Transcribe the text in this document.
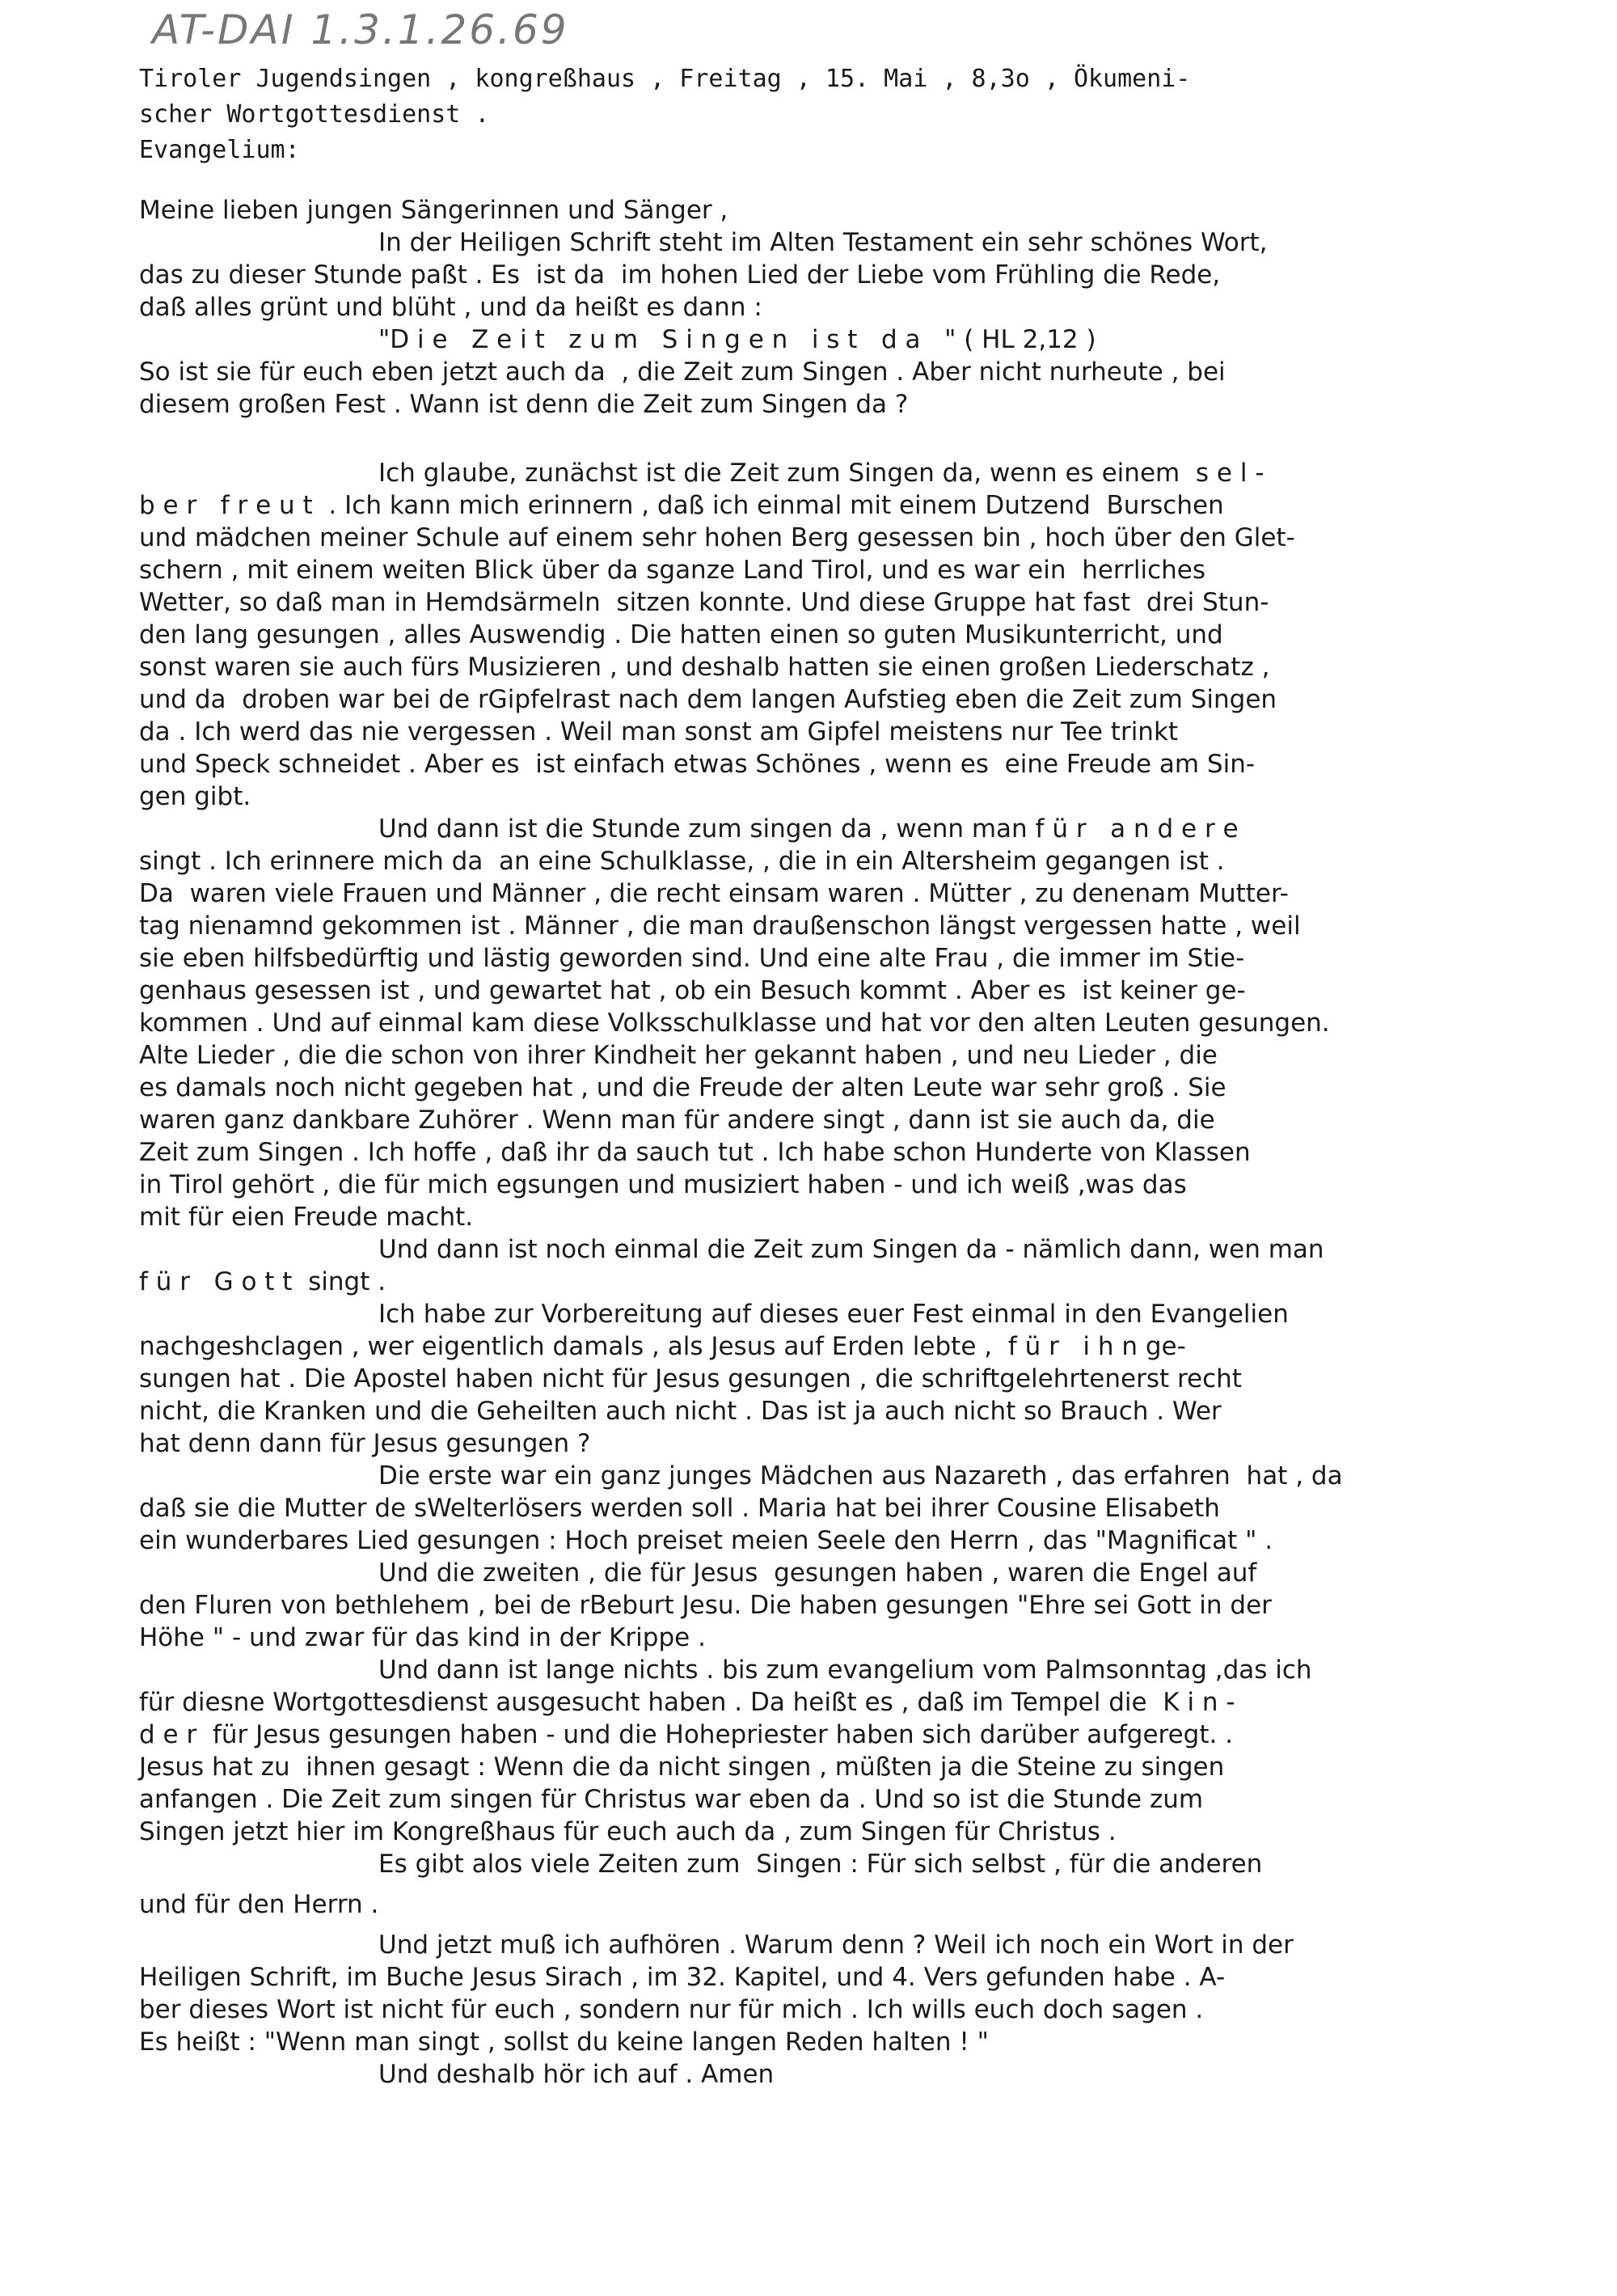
AT-DAI 1.3.1.26.69
Tiroler Jugendsingen , kongreßhaus , Freitag , 15. Mai , 8,3o , Ökumeni-
scher Wortgottesdienst .
Evangelium:
Meine lieben jungen Sängerinnen und Sänger ,
In der Heiligen Schrift steht im Alten Testament ein sehr schönes Wort,
das zu dieser Stunde paßt . Es  ist da  im hohen Lied der Liebe vom Frühling die Rede,
daß alles grünt und blüht , und da heißt es dann :
"D i e   Z e i t   z u m   S i n g e n   i s t   d a   " ( HL 2,12 )
So ist sie für euch eben jetzt auch da  , die Zeit zum Singen . Aber nicht nurheute , bei
diesem großen Fest . Wann ist denn die Zeit zum Singen da ?
Ich glaube, zunächst ist die Zeit zum Singen da, wenn es einem  s e l -
b e r   f r e u t  . Ich kann mich erinnern , daß ich einmal mit einem Dutzend  Burschen
und mädchen meiner Schule auf einem sehr hohen Berg gesessen bin , hoch über den Glet-
schern , mit einem weiten Blick über da sganze Land Tirol, und es war ein  herrliches
Wetter, so daß man in Hemdsärmeln  sitzen konnte. Und diese Gruppe hat fast  drei Stun-
den lang gesungen , alles Auswendig . Die hatten einen so guten Musikunterricht, und
sonst waren sie auch fürs Musizieren , und deshalb hatten sie einen großen Liederschatz ,
und da  droben war bei de rGipfelrast nach dem langen Aufstieg eben die Zeit zum Singen
da . Ich werd das nie vergessen . Weil man sonst am Gipfel meistens nur Tee trinkt
und Speck schneidet . Aber es  ist einfach etwas Schönes , wenn es  eine Freude am Sin-
gen gibt.
Und dann ist die Stunde zum singen da , wenn man f ü r   a n d e r e
singt . Ich erinnere mich da  an eine Schulklasse, , die in ein Altersheim gegangen ist .
Da  waren viele Frauen und Männer , die recht einsam waren . Mütter , zu denenam Mutter-
tag nienamnd gekommen ist . Männer , die man draußenschon längst vergessen hatte , weil
sie eben hilfsbedürftig und lästig geworden sind. Und eine alte Frau , die immer im Stie-
genhaus gesessen ist , und gewartet hat , ob ein Besuch kommt . Aber es  ist keiner ge-
kommen . Und auf einmal kam diese Volksschulklasse und hat vor den alten Leuten gesungen.
Alte Lieder , die die schon von ihrer Kindheit her gekannt haben , und neu Lieder , die
es damals noch nicht gegeben hat , und die Freude der alten Leute war sehr groß . Sie
waren ganz dankbare Zuhörer . Wenn man für andere singt , dann ist sie auch da, die
Zeit zum Singen . Ich hoffe , daß ihr da sauch tut . Ich habe schon Hunderte von Klassen
in Tirol gehört , die für mich egsungen und musiziert haben - und ich weiß ,was das
mit für eien Freude macht.
Und dann ist noch einmal die Zeit zum Singen da - nämlich dann, wen man
f ü r   G o t t  singt .
Ich habe zur Vorbereitung auf dieses euer Fest einmal in den Evangelien
nachgeshclagen , wer eigentlich damals , als Jesus auf Erden lebte ,  f ü r   i h n ge-
sungen hat . Die Apostel haben nicht für Jesus gesungen , die schriftgelehrtenerst recht
nicht, die Kranken und die Geheilten auch nicht . Das ist ja auch nicht so Brauch . Wer
hat denn dann für Jesus gesungen ?
Die erste war ein ganz junges Mädchen aus Nazareth , das erfahren  hat , da
daß sie die Mutter de sWelterlösers werden soll . Maria hat bei ihrer Cousine Elisabeth
ein wunderbares Lied gesungen : Hoch preiset meien Seele den Herrn , das "Magnificat " .
Und die zweiten , die für Jesus  gesungen haben , waren die Engel auf
den Fluren von bethlehem , bei de rBeburt Jesu. Die haben gesungen "Ehre sei Gott in der
Höhe " - und zwar für das kind in der Krippe .
Und dann ist lange nichts . bis zum evangelium vom Palmsonntag ,das ich
für diesne Wortgottesdienst ausgesucht haben . Da heißt es , daß im Tempel die  K i n -
d e r  für Jesus gesungen haben - und die Hohepriester haben sich darüber aufgeregt. .
Jesus hat zu  ihnen gesagt : Wenn die da nicht singen , müßten ja die Steine zu singen
anfangen . Die Zeit zum singen für Christus war eben da . Und so ist die Stunde zum
Singen jetzt hier im Kongreßhaus für euch auch da , zum Singen für Christus .
Es gibt alos viele Zeiten zum  Singen : Für sich selbst , für die anderen
und für den Herrn .
Und jetzt muß ich aufhören . Warum denn ? Weil ich noch ein Wort in der
Heiligen Schrift, im Buche Jesus Sirach , im 32. Kapitel, und 4. Vers gefunden habe . A-
ber dieses Wort ist nicht für euch , sondern nur für mich . Ich wills euch doch sagen .
Es heißt : "Wenn man singt , sollst du keine langen Reden halten ! "
Und deshalb hör ich auf . Amen
